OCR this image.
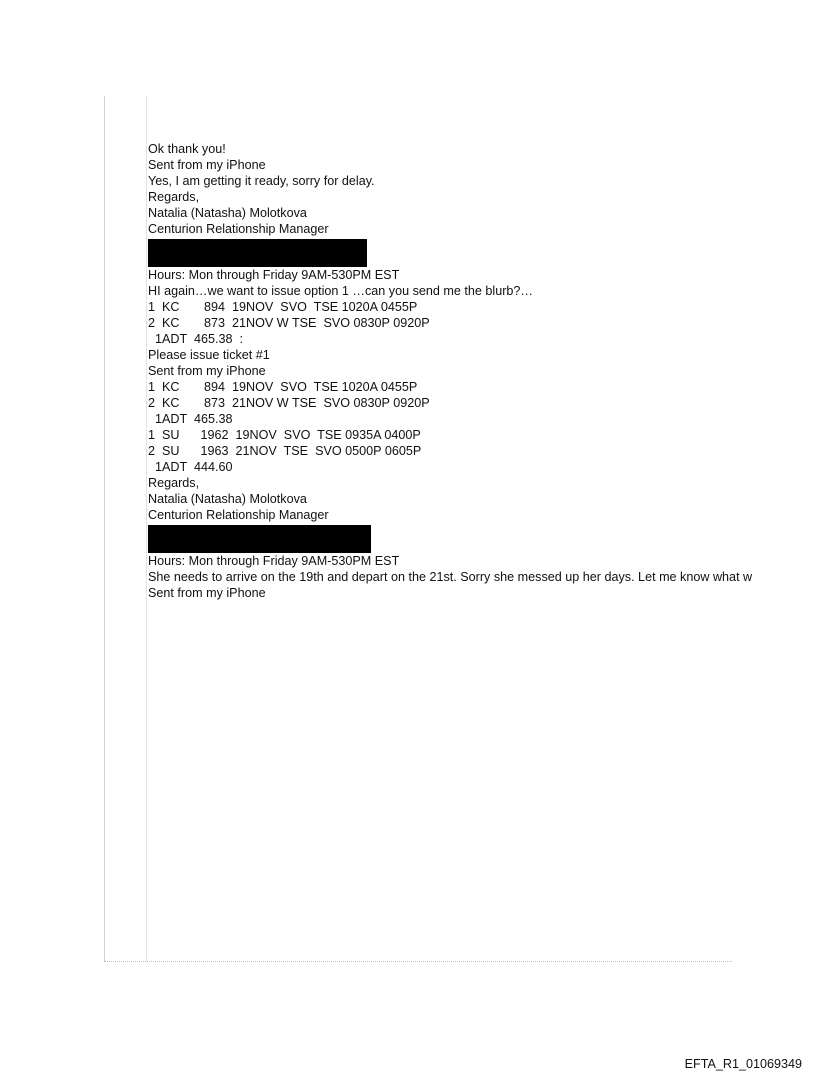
Ok thank you!
Sent from my iPhone
Yes, I am getting it ready, sorry for delay.
Regards,
Natalia (Natasha) Molotkova
Centurion Relationship Manager
Hours: Mon through Friday 9AM-530PM EST
HI again…we want to issue option 1 …can you send me the blurb?…
1  KC       894  19NOV  SVO  TSE 1020A 0455P
2  KC       873  21NOV W TSE  SVO 0830P 0920P
1ADT  465.38  :
Please issue ticket #1
Sent from my iPhone
1  KC       894  19NOV  SVO  TSE 1020A 0455P
2  KC       873  21NOV W TSE  SVO 0830P 0920P
1ADT  465.38
1  SU      1962  19NOV  SVO  TSE 0935A 0400P
2  SU      1963  21NOV  TSE  SVO 0500P 0605P
1ADT  444.60
Regards,
Natalia (Natasha) Molotkova
Centurion Relationship Manager
Hours: Mon through Friday 9AM-530PM EST
She needs to arrive on the 19th and depart on the 21st. Sorry she messed up her days. Let me know what w
Sent from my iPhone
EFTA_R1_01069349
